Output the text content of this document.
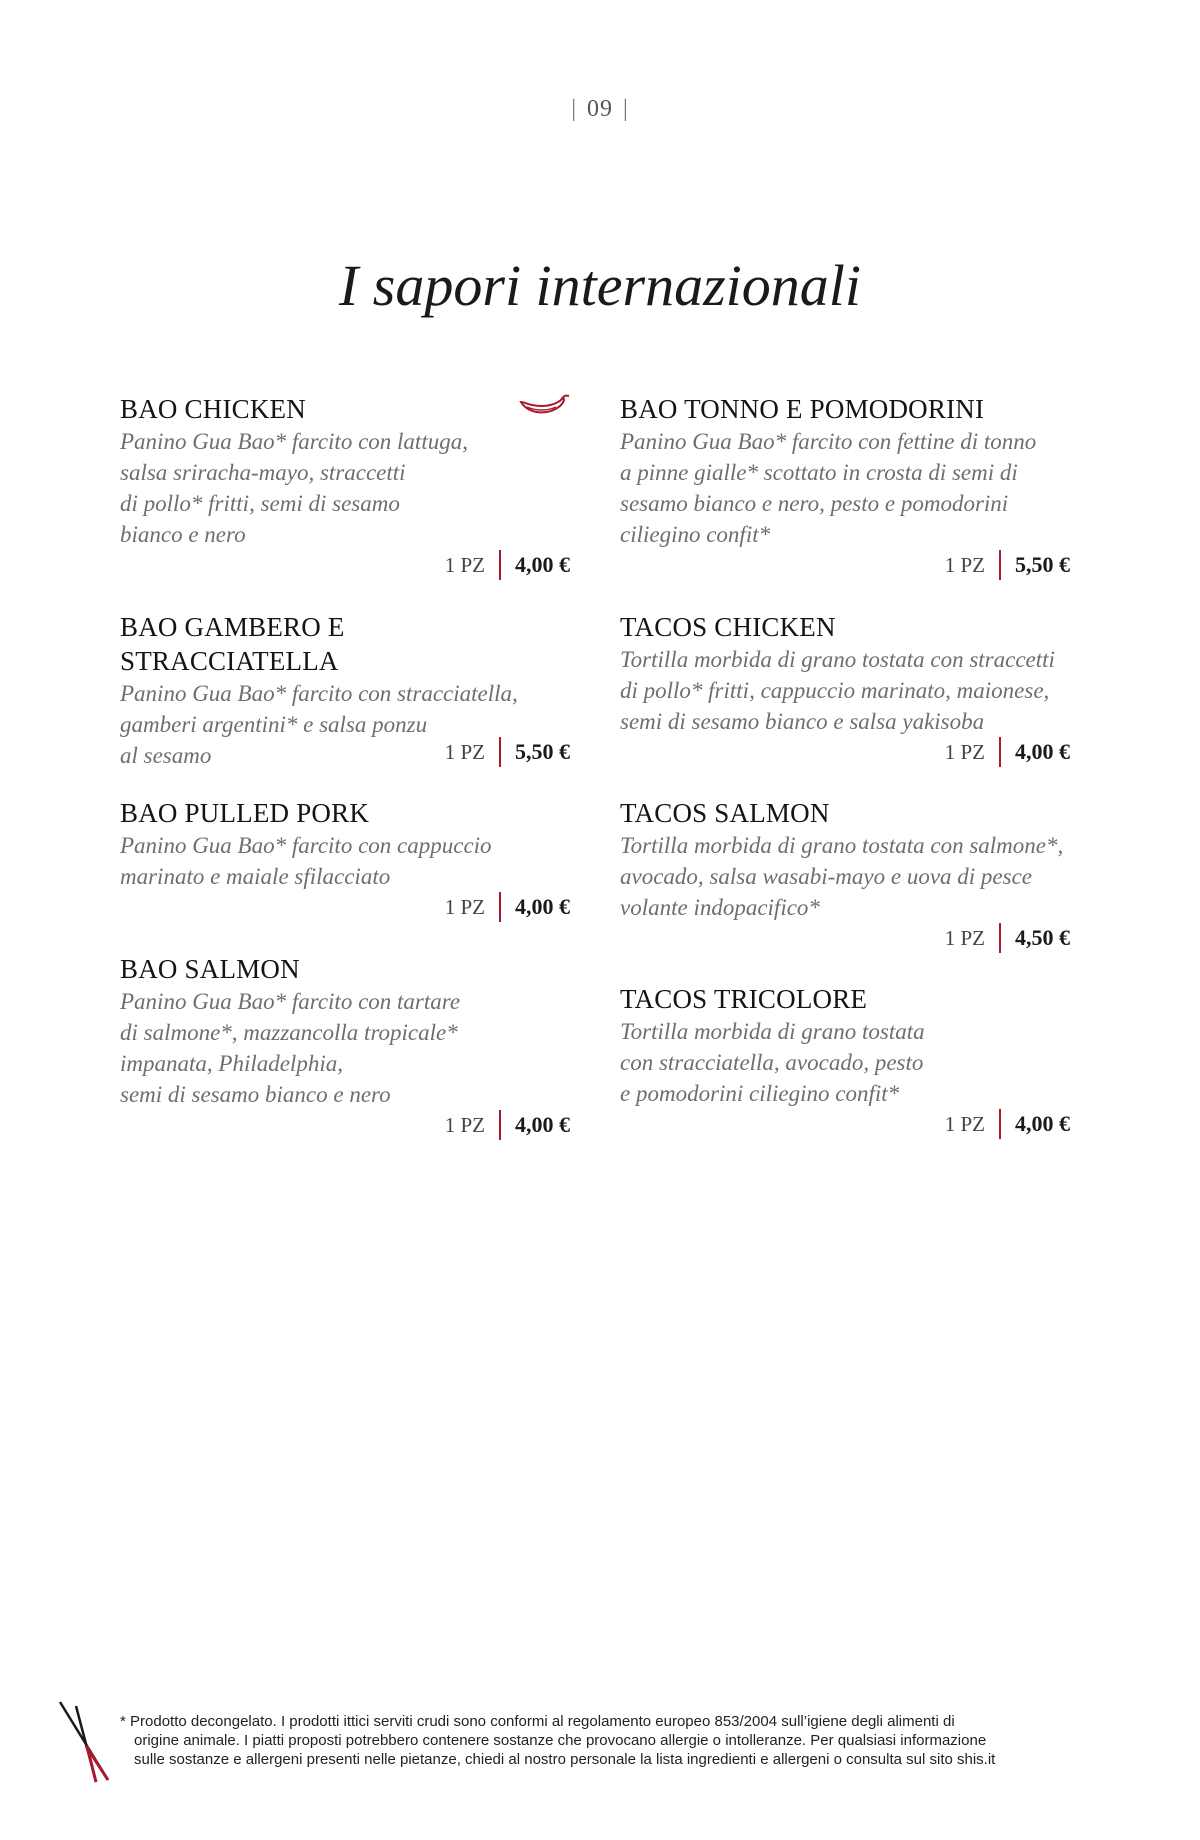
| 09 |
I sapori internazionali
BAO CHICKEN

Panino Gua Bao* farcito con lattuga,
salsa sriracha-mayo, straccetti
di pollo* fritti, semi di sesamo
bianco e nero

1 PZ 4,00 €
BAO GAMBERO E STRACCIATELLA

Panino Gua Bao* farcito con stracciatella,
gamberi argentini* e salsa ponzu
al sesamo	1 PZ 5,50 €
BAO PULLED PORK

Panino Gua Bao* farcito con cappuccio
marinato e maiale sfilacciato

1 PZ 4,00 €
BAO SALMON

Panino Gua Bao* farcito con tartare
di salmone*, mazzancolla tropicale*
impanata, Philadelphia,
semi di sesamo bianco e nero

1 PZ 4,00 €
BAO TONNO E POMODORINI

Panino Gua Bao* farcito con fettine di tonno
a pinne gialle* scottato in crosta di semi di
sesamo bianco e nero, pesto e pomodorini
ciliegino confit*

1 PZ 5,50 €
TACOS CHICKEN

Tortilla morbida di grano tostata con straccetti
di pollo* fritti, cappuccio marinato, maionese,
semi di sesamo bianco e salsa yakisoba

1 PZ 4,00 €
TACOS SALMON

Tortilla morbida di grano tostata con salmone*,
avocado, salsa wasabi-mayo e uova di pesce
volante indopacifico*

1 PZ 4,50 €
TACOS TRICOLORE

Tortilla morbida di grano tostata
con stracciatella, avocado, pesto
e pomodorini ciliegino confit*

1 PZ 4,00 €

* Prodotto decongelato. I prodotti ittici serviti crudi sono conformi al regolamento europeo 853/2004 sull’igiene degli alimenti di
origine animale. I piatti proposti potrebbero contenere sostanze che provocano allergie o intolleranze. Per qualsiasi informazione
sulle sostanze e allergeni presenti nelle pietanze, chiedi al nostro personale la lista ingredienti e allergeni o consulta sul sito shis.it
